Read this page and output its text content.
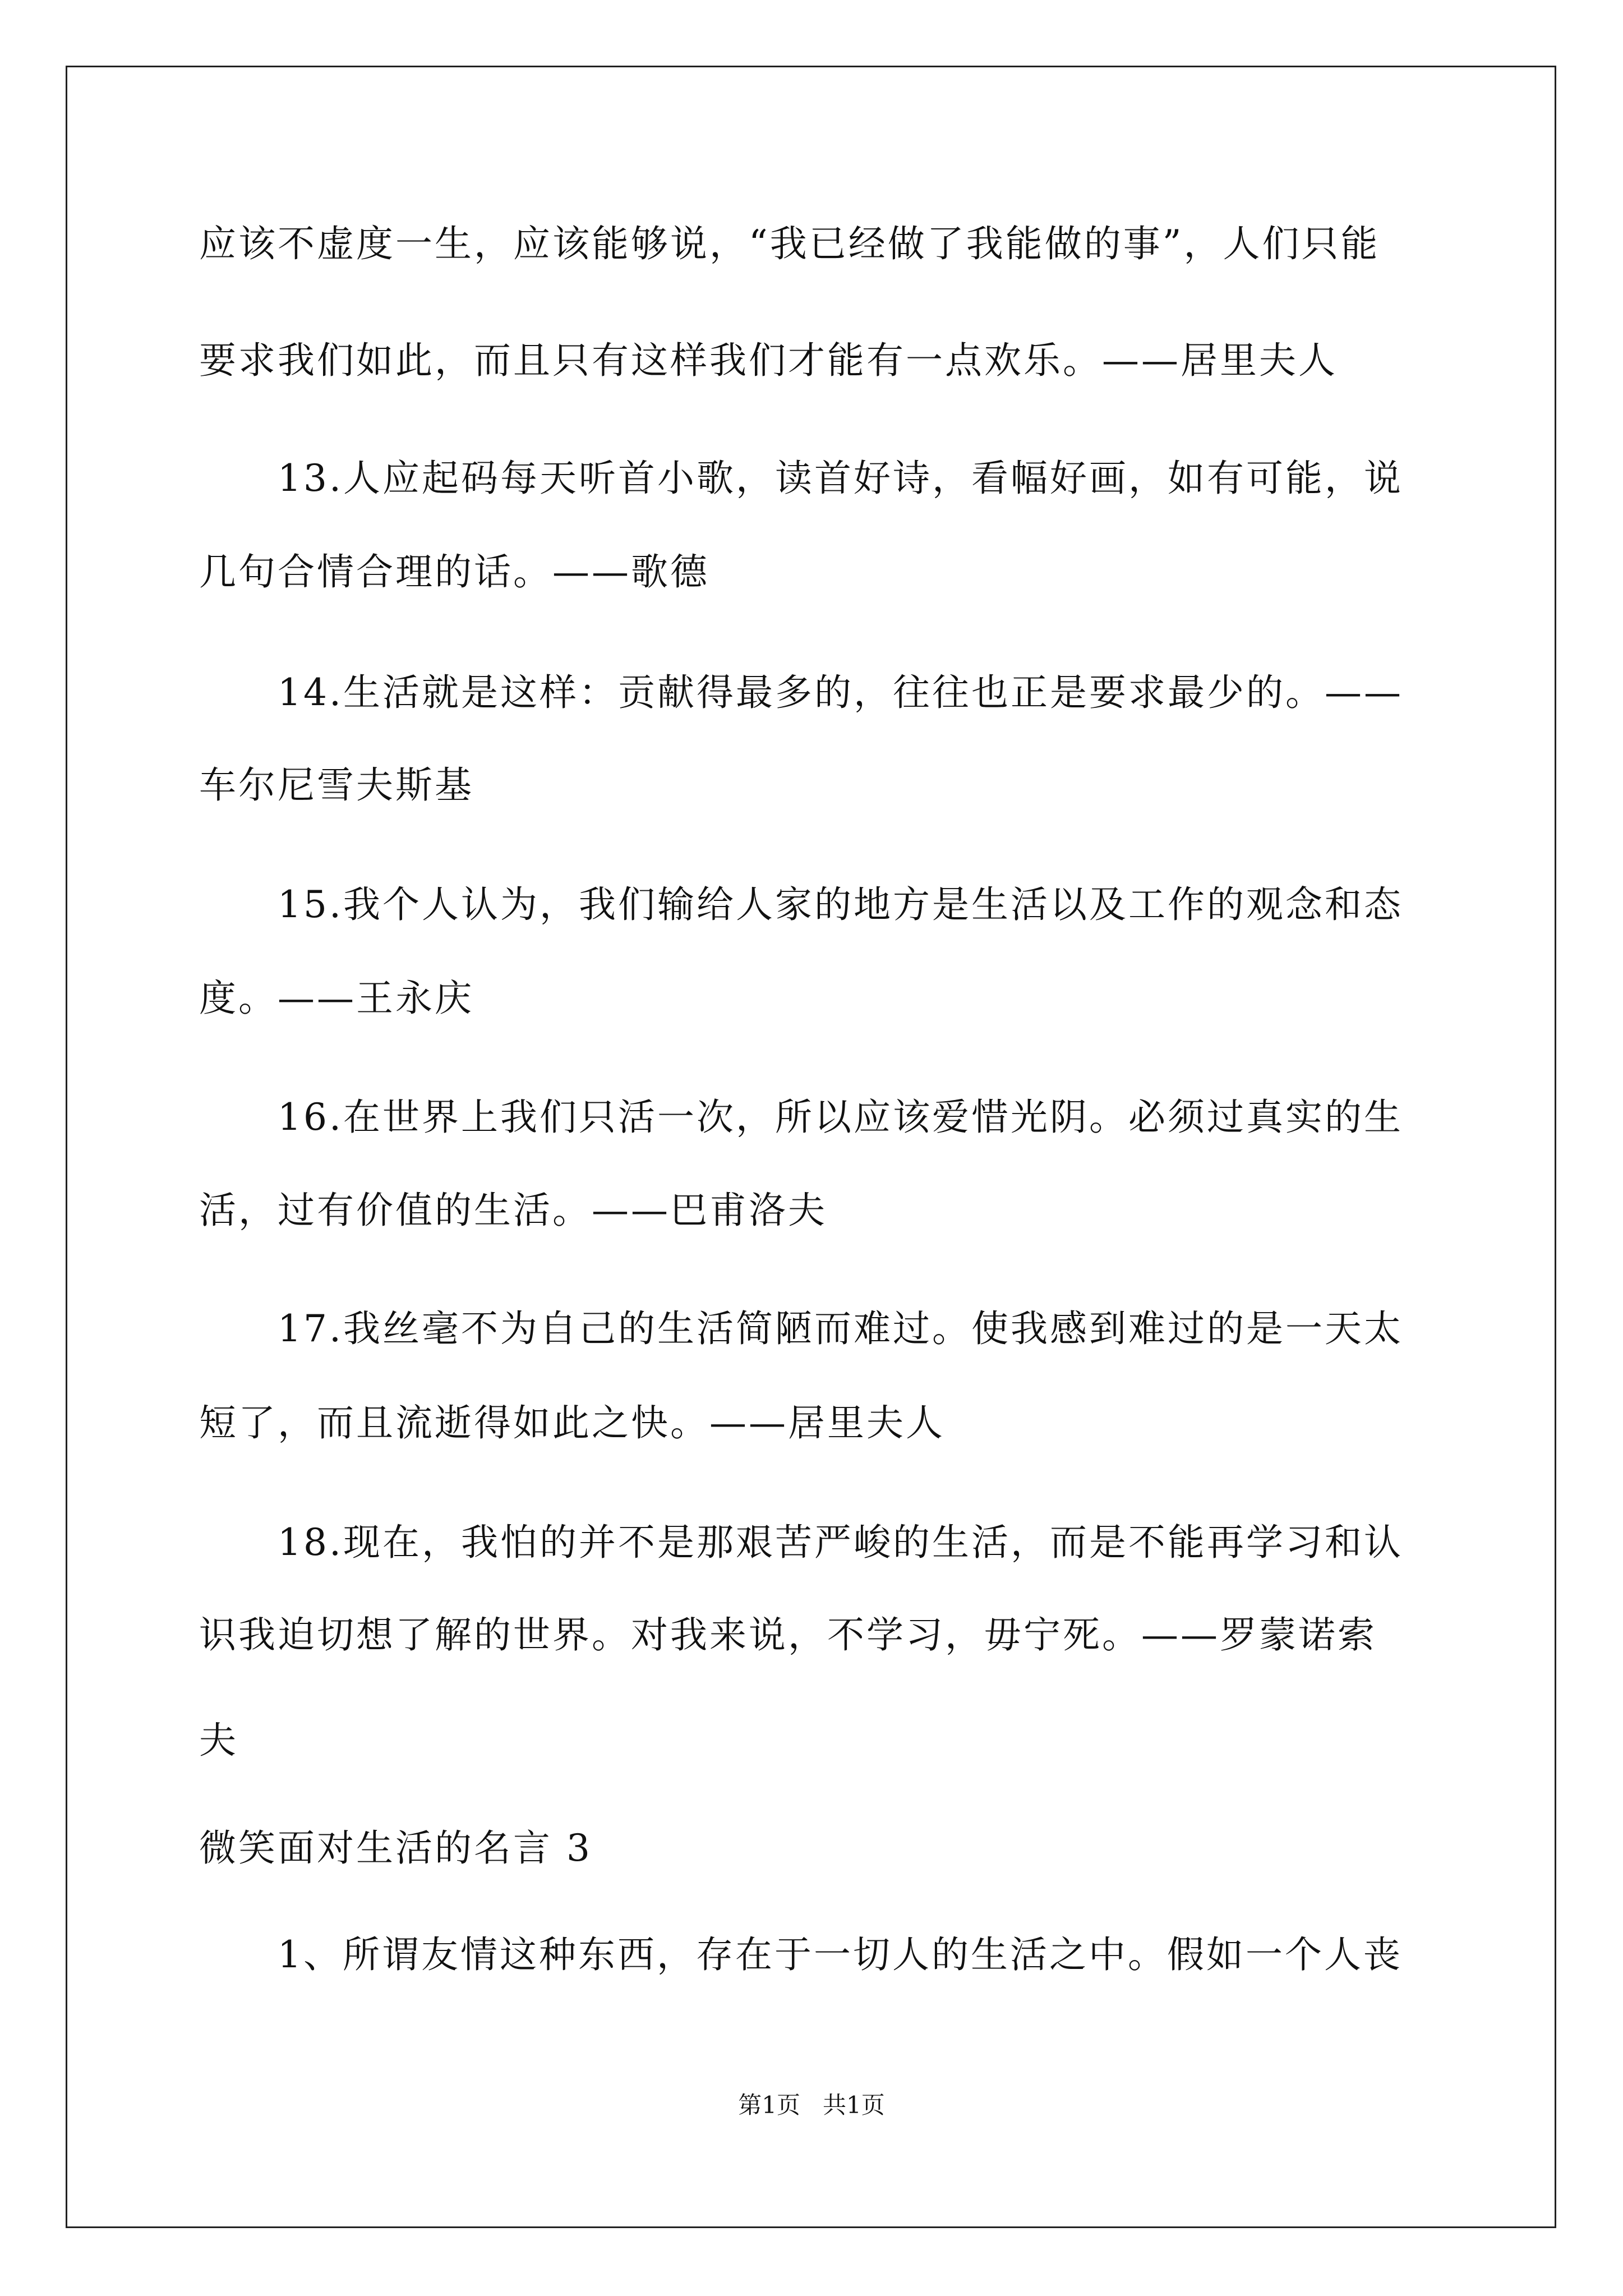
应该不虚度一生，应该能够说，“我已经做了我能做的事”，人们只能
要求我们如此，而且只有这样我们才能有一点欢乐。——居里夫人
13.人应起码每天听首小歌，读首好诗，看幅好画，如有可能，说
几句合情合理的话。——歌德
14.生活就是这样：贡献得最多的，往往也正是要求最少的。——
车尔尼雪夫斯基
15.我个人认为，我们输给人家的地方是生活以及工作的观念和态
度。——王永庆
16.在世界上我们只活一次，所以应该爱惜光阴。必须过真实的生
活，过有价值的生活。——巴甫洛夫
17.我丝毫不为自己的生活简陋而难过。使我感到难过的是一天太
短了，而且流逝得如此之快。——居里夫人
18.现在，我怕的并不是那艰苦严峻的生活，而是不能再学习和认
识我迫切想了解的世界。对我来说，不学习，毋宁死。——罗蒙诺索
夫
微笑面对生活的名言 3
1、所谓友情这种东西，存在于一切人的生活之中。假如一个人丧
第1页   共1页
